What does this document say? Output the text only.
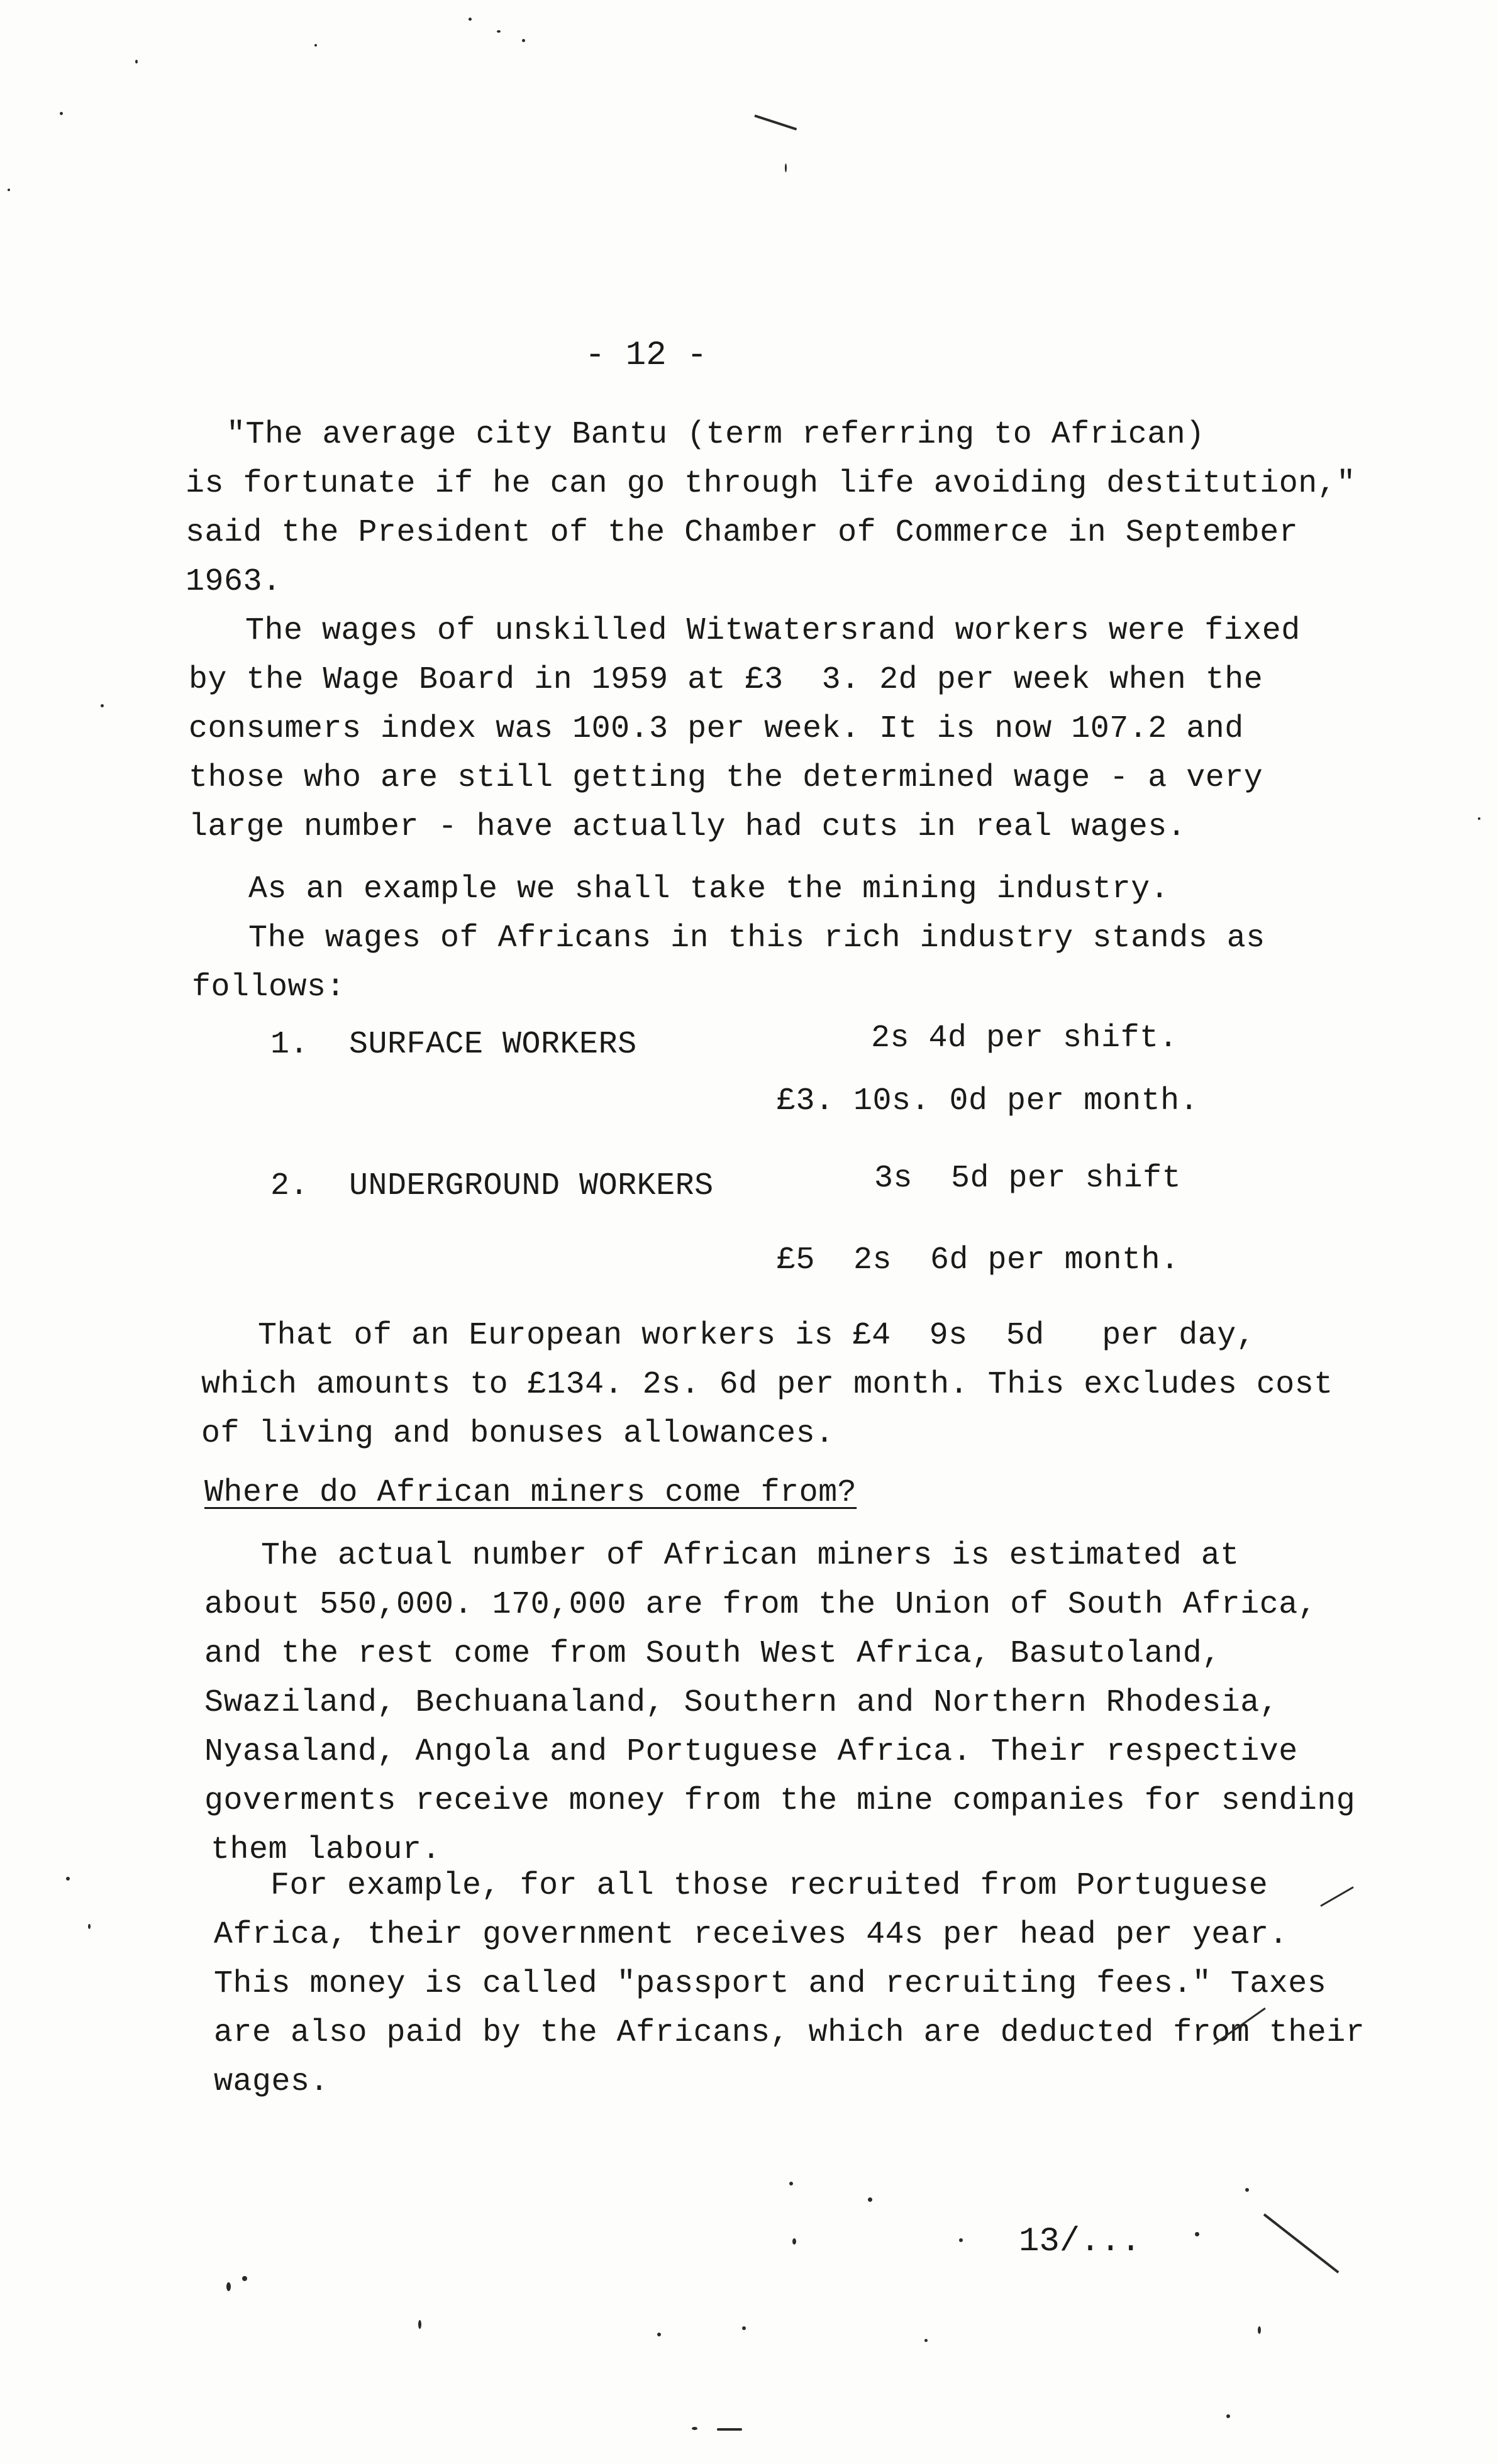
- 12 -
"The average city Bantu (term referring to African)
is fortunate if he can go through life avoiding destitution,"
said the President of the Chamber of Commerce in September
1963.
The wages of unskilled Witwatersrand workers were fixed
by the Wage Board in 1959 at £3  3. 2d per week when the
consumers index was 100.3 per week. It is now 107.2 and
those who are still getting the determined wage - a very
large number - have actually had cuts in real wages.
As an example we shall take the mining industry.
The wages of Africans in this rich industry stands as
follows:
1. SURFACE WORKERS	2s 4d per shift.
£3. 10s. 0d per month.
2. UNDERGROUND WORKERS	3s  5d per shift
£5  2s  6d per month.
That of an European workers is £4  9s  5d   per day,
which amounts to £134. 2s. 6d per month. This excludes cost
of living and bonuses allowances.
Where do African miners come from?
The actual number of African miners is estimated at
about 550,000. 170,000 are from the Union of South Africa,
and the rest come from South West Africa, Basutoland,
Swaziland, Bechuanaland, Southern and Northern Rhodesia,
Nyasaland, Angola and Portuguese Africa. Their respective
goverments receive money from the mine companies for sending
them labour.
For example, for all those recruited from Portuguese
Africa, their government receives 44s per head per year.
This money is called "passport and recruiting fees." Taxes
are also paid by the Africans, which are deducted from their
wages.
13/...
